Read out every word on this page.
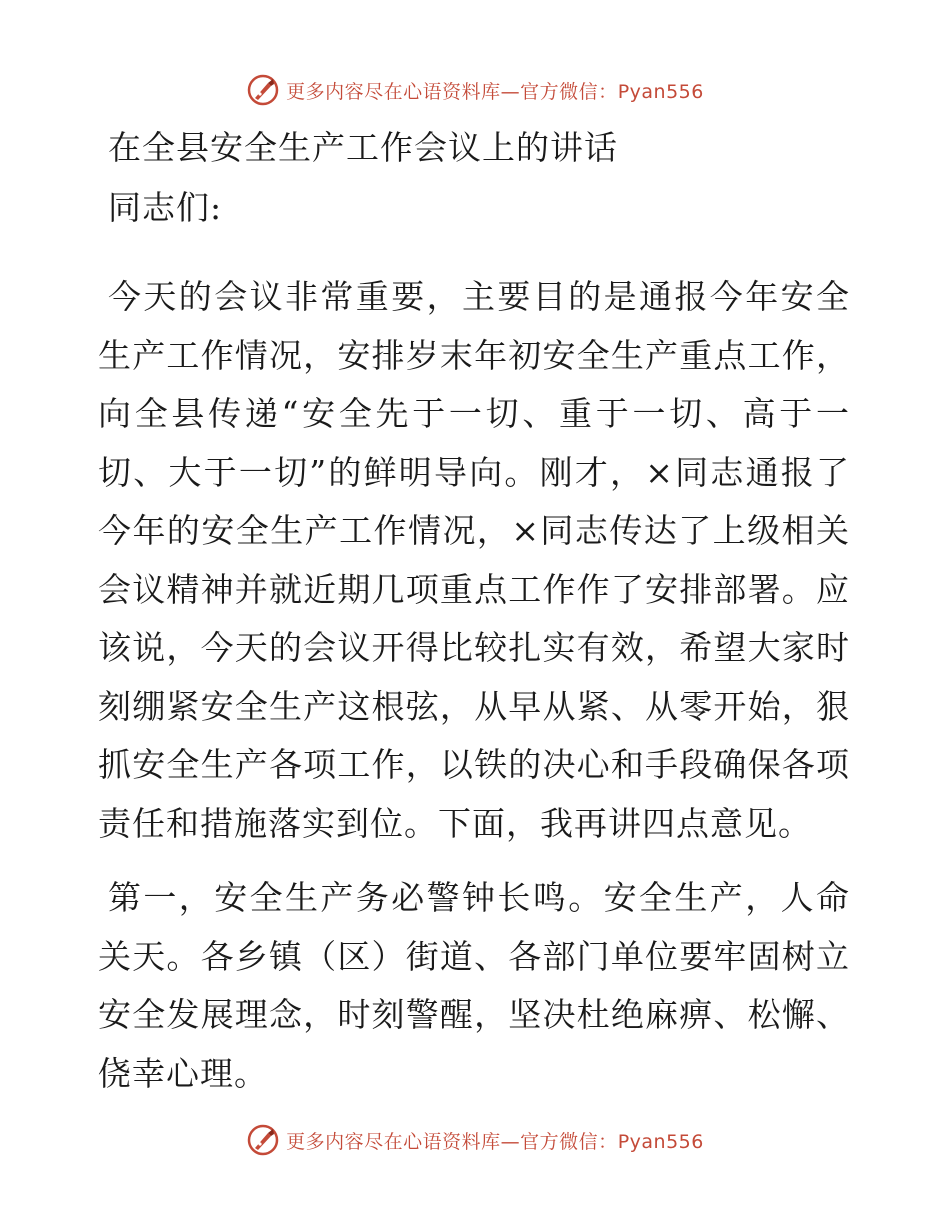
更多内容尽在心语资料库—官方微信：Pyan556
在全县安全生产工作会议上的讲话

同志们:

今天的会议非常重要，主要目的是通报今年安全生产工作情况，安排岁末年初安全生产重点工作，向全县传递“安全先于一切、重于一切、高于一切、大于一切”的鲜明导向。刚才，×同志通报了今年的安全生产工作情况，×同志传达了上级相关会议精神并就近期几项重点工作作了安排部署。应该说，今天的会议开得比较扎实有效，希望大家时刻绷紧安全生产这根弦，从早从紧、从零开始，狠抓安全生产各项工作，以铁的决心和手段确保各项责任和措施落实到位。下面，我再讲四点意见。

第一，安全生产务必警钟长鸣。安全生产，人命关天。各乡镇（区）街道、各部门单位要牢固树立安全发展理念，时刻警醒，坚决杜绝麻痹、松懈、侥幸心理。

更多内容尽在心语资料库—官方微信：Pyan556
